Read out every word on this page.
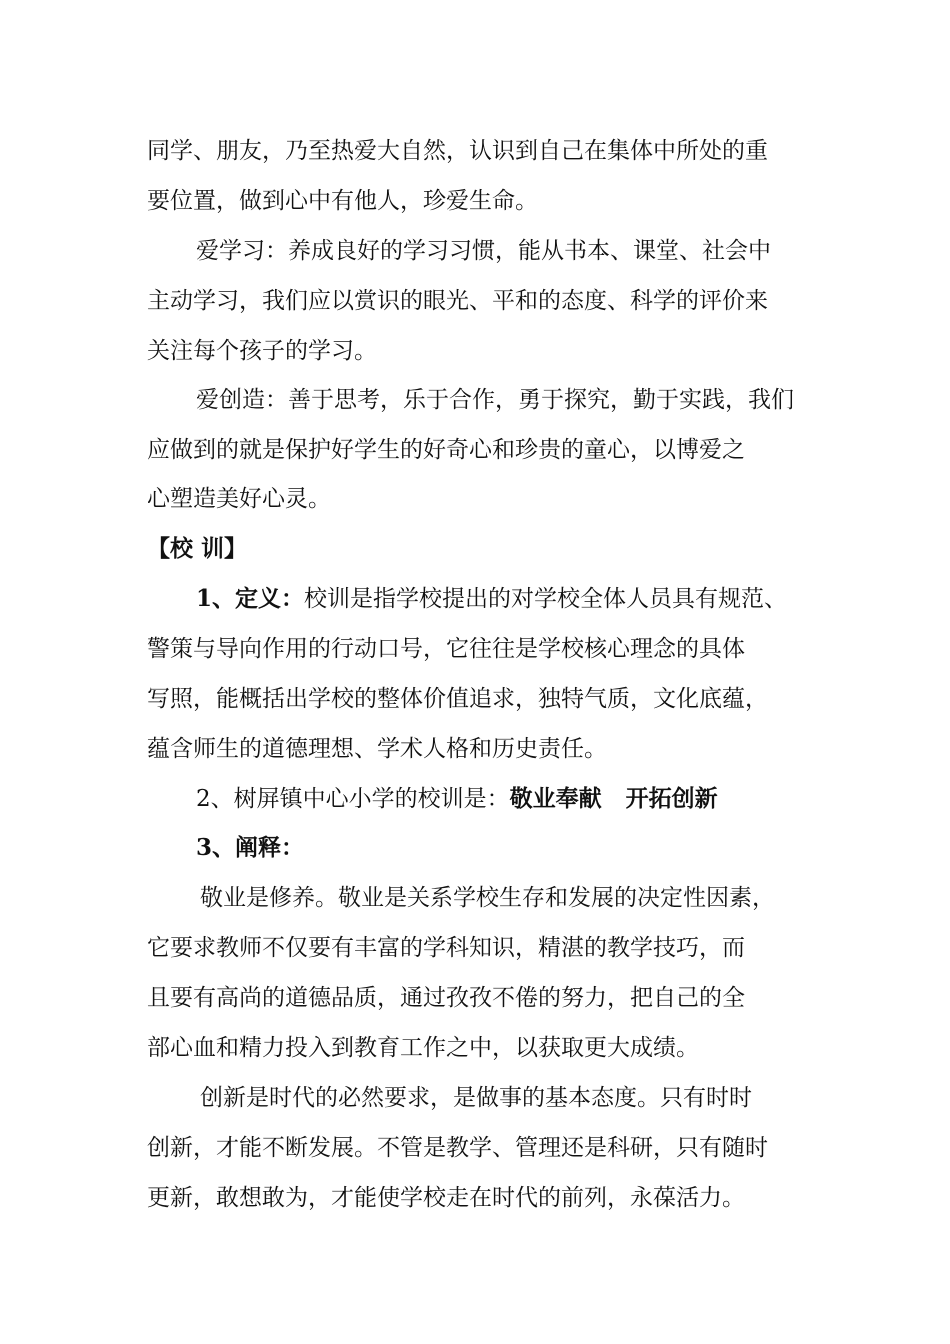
同学、朋友，乃至热爱大自然，认识到自己在集体中所处的重
要位置，做到心中有他人，珍爱生命。
爱学习：养成良好的学习习惯，能从书本、课堂、社会中
主动学习，我们应以赏识的眼光、平和的态度、科学的评价来
关注每个孩子的学习。
爱创造：善于思考，乐于合作，勇于探究，勤于实践，我们
应做到的就是保护好学生的好奇心和珍贵的童心，以博爱之
心塑造美好心灵。
【校 训】
1、定义：校训是指学校提出的对学校全体人员具有规范、
警策与导向作用的行动口号，它往往是学校核心理念的具体
写照，能概括出学校的整体价值追求，独特气质，文化底蕴，
蕴含师生的道德理想、学术人格和历史责任。
2、树屏镇中心小学的校训是：敬业奉献 开拓创新
3、阐释：
敬业是修养。敬业是关系学校生存和发展的决定性因素，
它要求教师不仅要有丰富的学科知识，精湛的教学技巧，而
且要有高尚的道德品质，通过孜孜不倦的努力，把自己的全
部心血和精力投入到教育工作之中，以获取更大成绩。
创新是时代的必然要求，是做事的基本态度。只有时时
创新，才能不断发展。不管是教学、管理还是科研，只有随时
更新，敢想敢为，才能使学校走在时代的前列，永葆活力。
